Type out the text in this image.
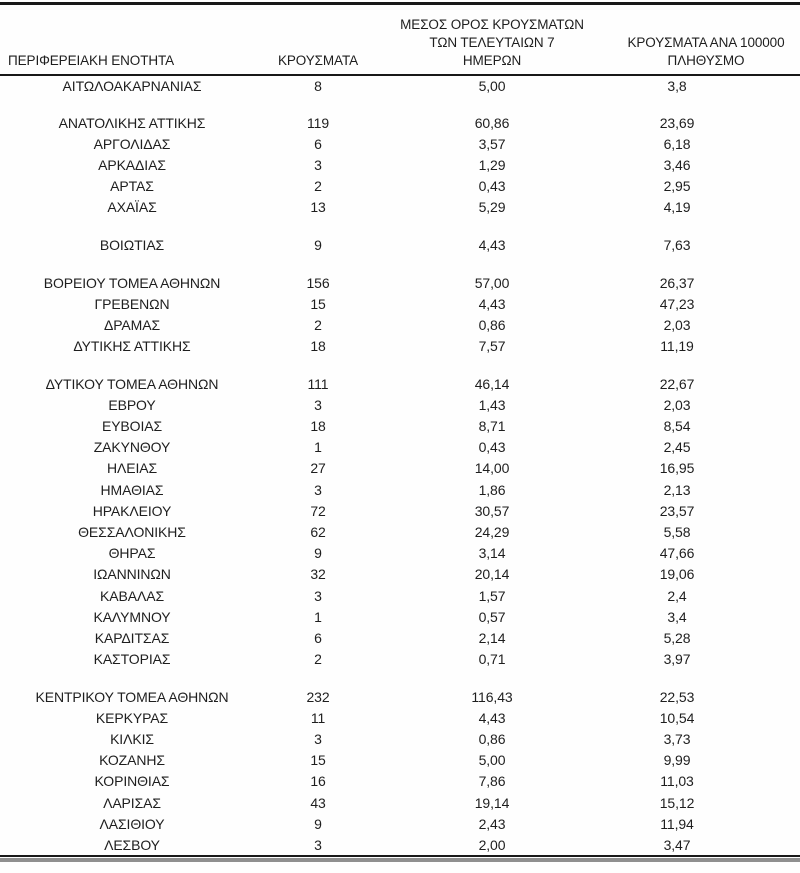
ΠΕΡΙΦΕΡΕΙΑΚΗ ΕΝΟΤΗΤΑ	ΚΡΟΥΣΜΑΤΑ	ΜΕΣΟΣ ΟΡΟΣ ΚΡΟΥΣΜΑΤΩΝ
ΤΩΝ ΤΕΛΕΥΤΑΙΩΝ 7
ΗΜΕΡΩΝ	ΚΡΟΥΣΜΑΤΑ ΑΝΑ 100000
ΠΛΗΘΥΣΜΟ	

ΑΙΤΩΛΟΑΚΑΡΝΑΝΙΑΣ	8	5,00	3,8	

ΑΝΑΤΟΛΙΚΗΣ ΑΤΤΙΚΗΣ	119	60,86	23,69	
ΑΡΓΟΛΙΔΑΣ	6	3,57	6,18	
ΑΡΚΑΔΙΑΣ	3	1,29	3,46	
ΑΡΤΑΣ	2	0,43	2,95	
ΑΧΑΪΑΣ	13	5,29	4,19	

ΒΟΙΩΤΙΑΣ	9	4,43	7,63	

ΒΟΡΕΙΟΥ ΤΟΜΕΑ ΑΘΗΝΩΝ	156	57,00	26,37	
ΓΡΕΒΕΝΩΝ	15	4,43	47,23	
ΔΡΑΜΑΣ	2	0,86	2,03	
ΔΥΤΙΚΗΣ ΑΤΤΙΚΗΣ	18	7,57	11,19	

ΔΥΤΙΚΟΥ ΤΟΜΕΑ ΑΘΗΝΩΝ	111	46,14	22,67	
ΕΒΡΟΥ	3	1,43	2,03	
ΕΥΒΟΙΑΣ	18	8,71	8,54	
ΖΑΚΥΝΘΟΥ	1	0,43	2,45	
ΗΛΕΙΑΣ	27	14,00	16,95	
ΗΜΑΘΙΑΣ	3	1,86	2,13	
ΗΡΑΚΛΕΙΟΥ	72	30,57	23,57	
ΘΕΣΣΑΛΟΝΙΚΗΣ	62	24,29	5,58	
ΘΗΡΑΣ	9	3,14	47,66	
ΙΩΑΝΝΙΝΩΝ	32	20,14	19,06	
ΚΑΒΑΛΑΣ	3	1,57	2,4	
ΚΑΛΥΜΝΟΥ	1	0,57	3,4	
ΚΑΡΔΙΤΣΑΣ	6	2,14	5,28	
ΚΑΣΤΟΡΙΑΣ	2	0,71	3,97	

ΚΕΝΤΡΙΚΟΥ ΤΟΜΕΑ ΑΘΗΝΩΝ	232	116,43	22,53	
ΚΕΡΚΥΡΑΣ	11	4,43	10,54	
ΚΙΛΚΙΣ	3	0,86	3,73	
ΚΟΖΑΝΗΣ	15	5,00	9,99	
ΚΟΡΙΝΘΙΑΣ	16	7,86	11,03	
ΛΑΡΙΣΑΣ	43	19,14	15,12	
ΛΑΣΙΘΙΟΥ	9	2,43	11,94	
ΛΕΣΒΟΥ	3	2,00	3,47	
